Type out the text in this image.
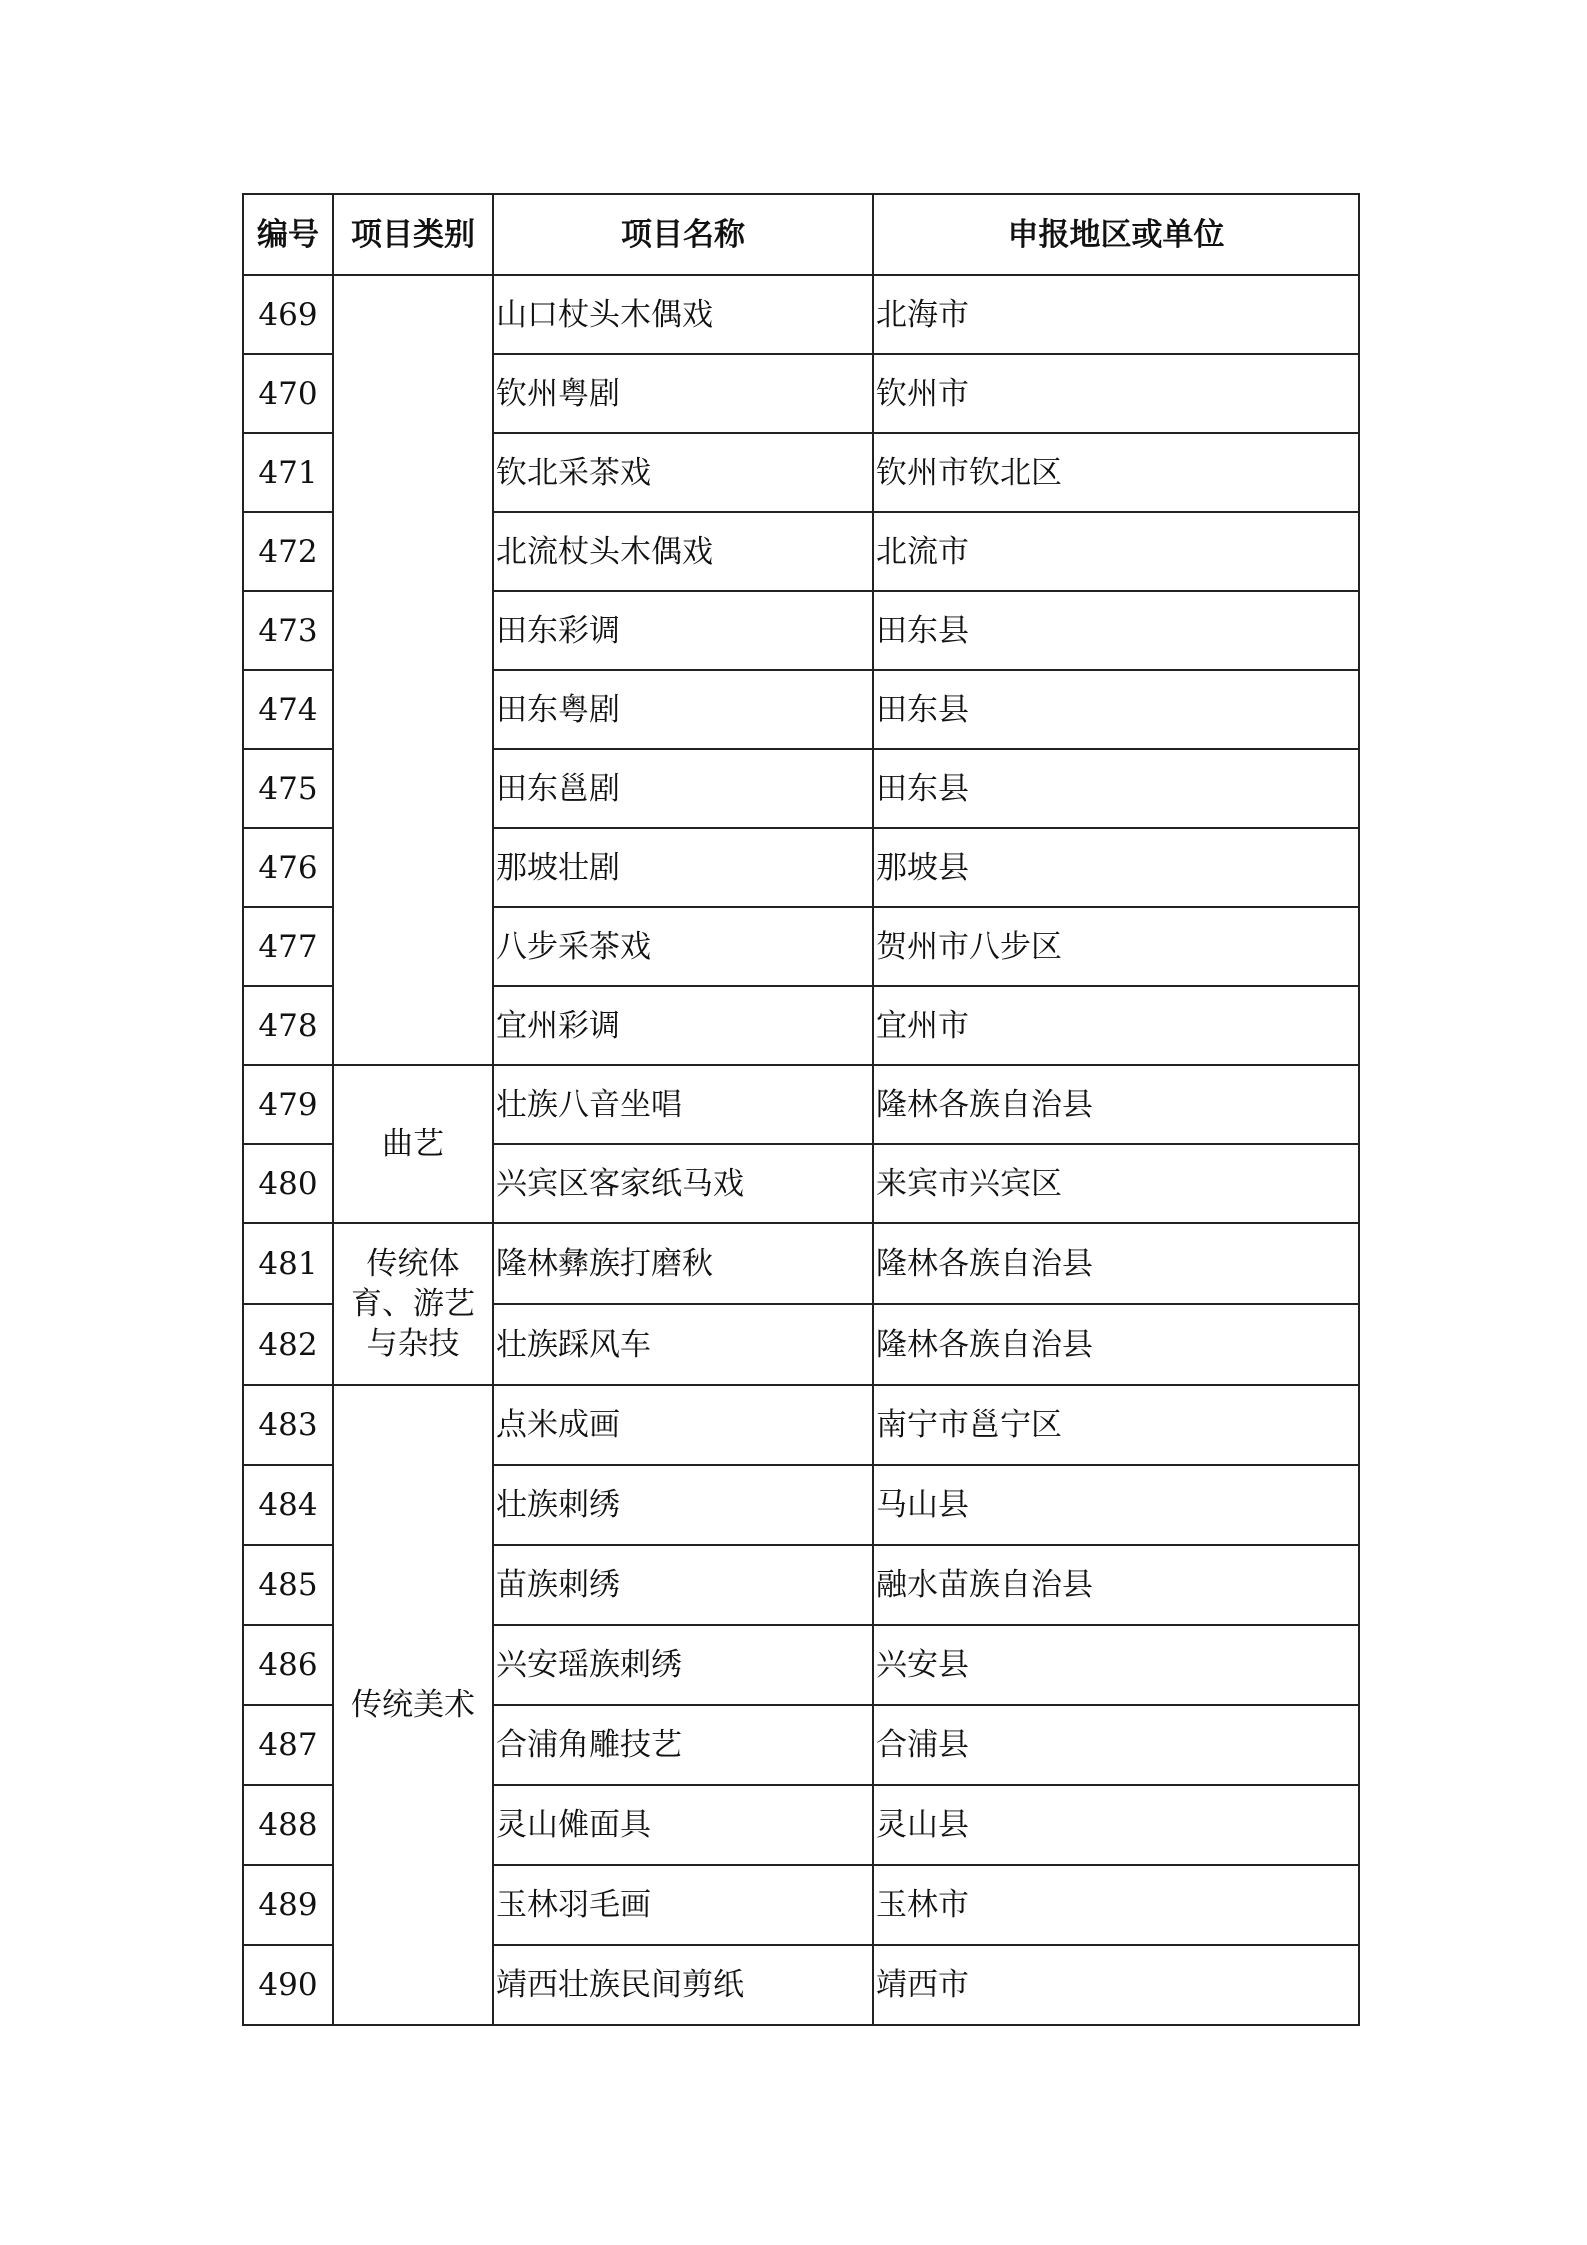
编号	项目类别	项目名称	申报地区或单位
469		山口杖头木偶戏	北海市
470		钦州粤剧	钦州市
471		钦北采茶戏	钦州市钦北区
472		北流杖头木偶戏	北流市
473		田东彩调	田东县
474		田东粤剧	田东县
475		田东邕剧	田东县
476		那坡壮剧	那坡县
477		八步采茶戏	贺州市八步区
478		宜州彩调	宜州市
479	曲艺	壮族八音坐唱	隆林各族自治县
480		兴宾区客家纸马戏	来宾市兴宾区
481	传统体育、游艺与杂技	隆林彝族打磨秋	隆林各族自治县
482		壮族踩风车	隆林各族自治县
483	传统美术	点米成画	南宁市邕宁区
484		壮族刺绣	马山县
485		苗族刺绣	融水苗族自治县
486		兴安瑶族刺绣	兴安县
487		合浦角雕技艺	合浦县
488		灵山傩面具	灵山县
489		玉林羽毛画	玉林市
490		靖西壮族民间剪纸	靖西市
